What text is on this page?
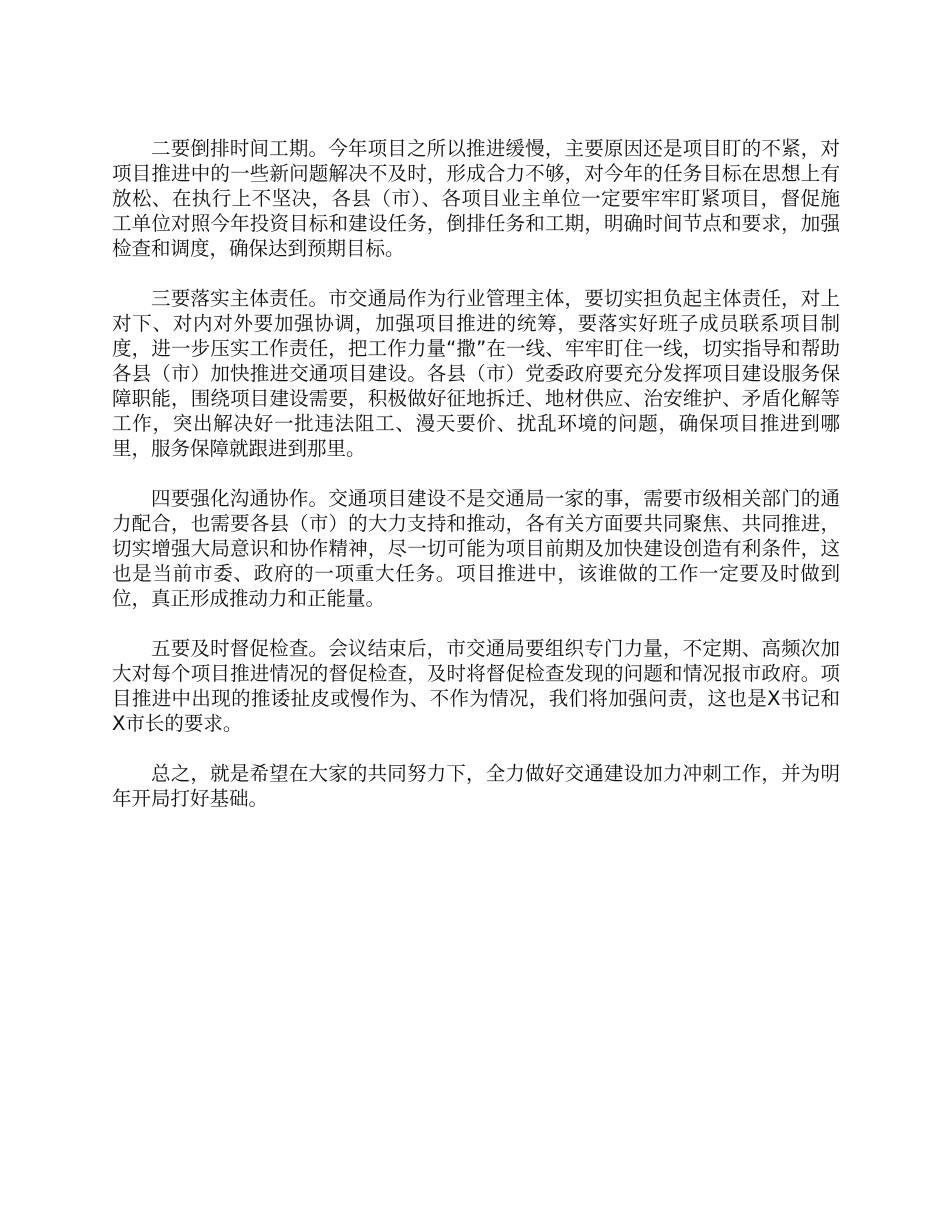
二要倒排时间工期。今年项目之所以推进缓慢，主要原因还是项目盯的不紧，对项目推进中的一些新问题解决不及时，形成合力不够，对今年的任务目标在思想上有放松、在执行上不坚决，各县（市）、各项目业主单位一定要牢牢盯紧项目，督促施工单位对照今年投资目标和建设任务，倒排任务和工期，明确时间节点和要求，加强检查和调度，确保达到预期目标。

三要落实主体责任。市交通局作为行业管理主体，要切实担负起主体责任，对上对下、对内对外要加强协调，加强项目推进的统筹，要落实好班子成员联系项目制度，进一步压实工作责任，把工作力量“撒”在一线、牢牢盯住一线，切实指导和帮助各县（市）加快推进交通项目建设。各县（市）党委政府要充分发挥项目建设服务保障职能，围绕项目建设需要，积极做好征地拆迁、地材供应、治安维护、矛盾化解等工作，突出解决好一批违法阻工、漫天要价、扰乱环境的问题，确保项目推进到哪里，服务保障就跟进到那里。

四要强化沟通协作。交通项目建设不是交通局一家的事，需要市级相关部门的通力配合，也需要各县（市）的大力支持和推动，各有关方面要共同聚焦、共同推进，切实增强大局意识和协作精神，尽一切可能为项目前期及加快建设创造有利条件，这也是当前市委、政府的一项重大任务。项目推进中，该谁做的工作一定要及时做到位，真正形成推动力和正能量。

五要及时督促检查。会议结束后，市交通局要组织专门力量，不定期、高频次加大对每个项目推进情况的督促检查，及时将督促检查发现的问题和情况报市政府。项目推进中出现的推诿扯皮或慢作为、不作为情况，我们将加强问责，这也是X书记和X市长的要求。

总之，就是希望在大家的共同努力下，全力做好交通建设加力冲刺工作，并为明年开局打好基础。
